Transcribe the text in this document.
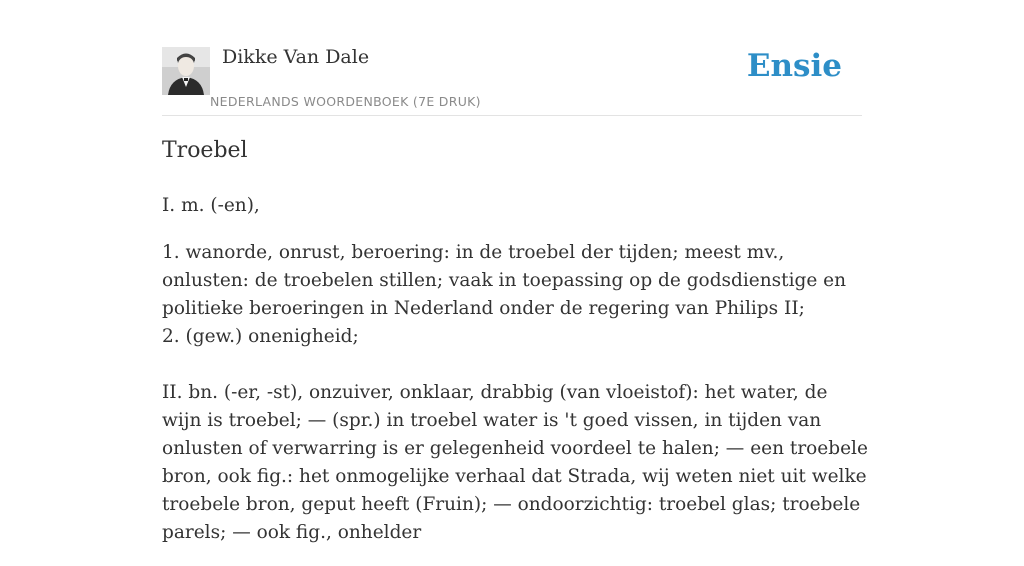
Dikke Van Dale
NEDERLANDS WOORDENBOEK (7E DRUK)
Ensie
Troebel

I. m. (-en),

1. wanorde, onrust, beroering: in de troebel der tijden; meest mv., onlusten: de troebelen stillen; vaak in toepassing op de godsdienstige en politieke beroeringen in Nederland onder de regering van Philips II;
2. (gew.) onenigheid;
II. bn. (-er, -st), onzuiver, onklaar, drabbig (van vloeistof): het water, de wijn is troebel; — (spr.) in troebel water is 't goed vissen, in tijden van onlusten of verwarring is er gelegenheid voordeel te halen; — een troebele bron, ook fig.: het onmogelijke verhaal dat Strada, wij weten niet uit welke troebele bron, geput heeft (Fruin); — ondoorzichtig: troebel glas; troebele parels; — ook fig., onhelder
